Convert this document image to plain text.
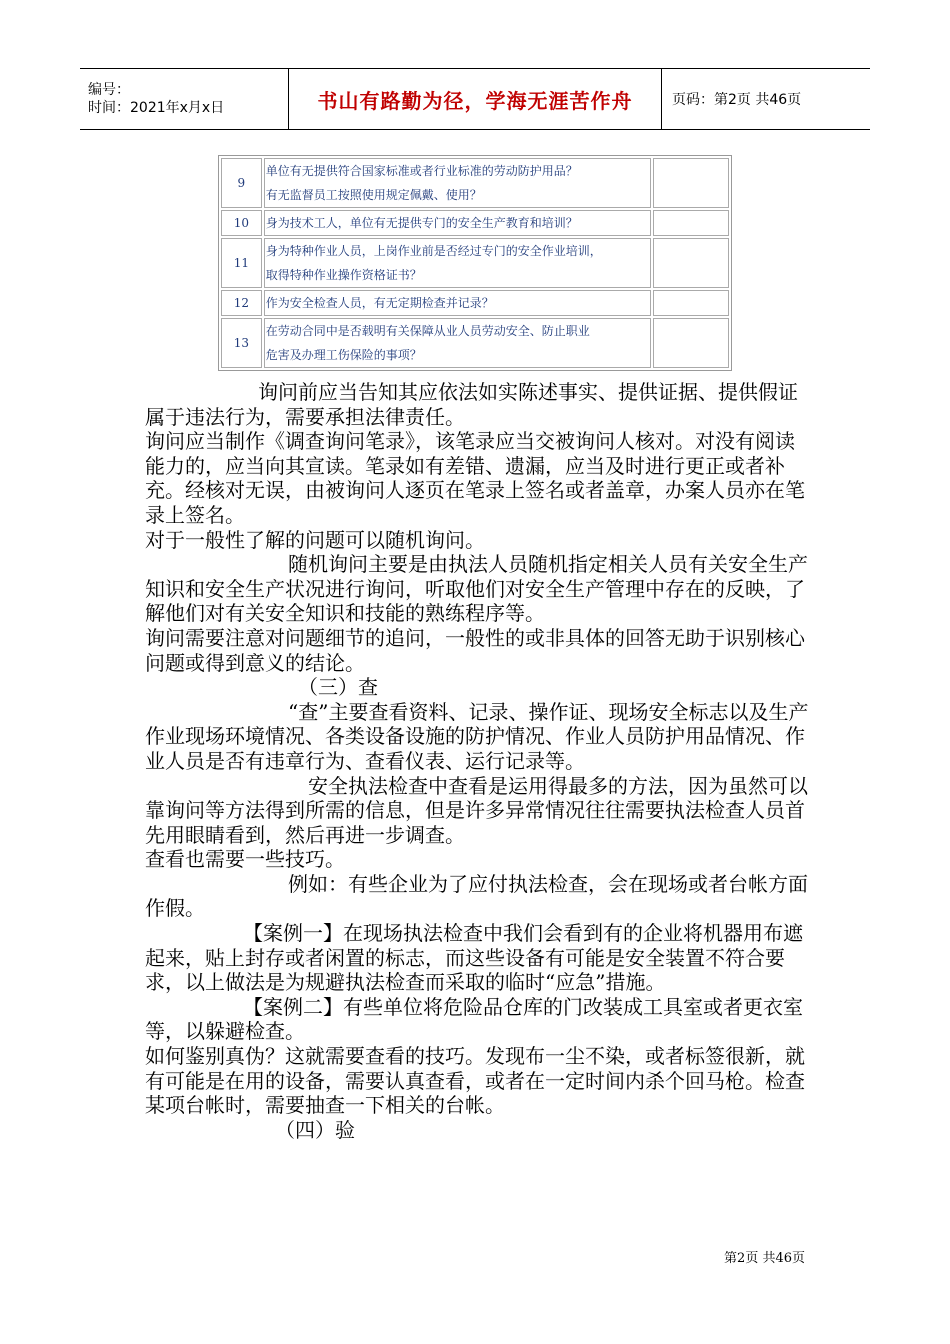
编号：
时间：2021年x月x日	书山有路勤为径，学海无涯苦作舟	页码：第2页 共46页
9	单位有无提供符合国家标准或者行业标准的劳动防护用品？
有无监督员工按照使用规定佩戴、使用？	

10	身为技术工人，单位有无提供专门的安全生产教育和培训？	

11	身为特种作业人员，上岗作业前是否经过专门的安全作业培训，
取得特种作业操作资格证书？	

12	作为安全检查人员，有无定期检查并记录？	

13	在劳动合同中是否载明有关保障从业人员劳动安全、防止职业
危害及办理工伤保险的事项？	

询问前应当告知其应依法如实陈述事实、提供证据、提供假证属于违法行为，需要承担法律责任。

询问应当制作《调查询问笔录》，该笔录应当交被询问人核对。对没有阅读能力的，应当向其宣读。笔录如有差错、遗漏，应当及时进行更正或者补充。经核对无误，由被询问人逐页在笔录上签名或者盖章，办案人员亦在笔录上签名。

对于一般性了解的问题可以随机询问。

随机询问主要是由执法人员随机指定相关人员有关安全生产知识和安全生产状况进行询问，听取他们对安全生产管理中存在的反映，了解他们对有关安全知识和技能的熟练程序等。

询问需要注意对问题细节的追问，一般性的或非具体的回答无助于识别核心问题或得到意义的结论。

（三）查

“查”主要查看资料、记录、操作证、现场安全标志以及生产作业现场环境情况、各类设备设施的防护情况、作业人员防护用品情况、作业人员是否有违章行为、查看仪表、运行记录等。

安全执法检查中查看是运用得最多的方法，因为虽然可以靠询问等方法得到所需的信息，但是许多异常情况往往需要执法检查人员首先用眼睛看到，然后再进一步调查。

查看也需要一些技巧。

例如：有些企业为了应付执法检查，会在现场或者台帐方面作假。

【案例一】在现场执法检查中我们会看到有的企业将机器用布遮起来，贴上封存或者闲置的标志，而这些设备有可能是安全装置不符合要求，以上做法是为规避执法检查而采取的临时“应急”措施。

【案例二】有些单位将危险品仓库的门改装成工具室或者更衣室等，以躲避检查。

如何鉴别真伪？这就需要查看的技巧。发现布一尘不染，或者标签很新，就有可能是在用的设备，需要认真查看，或者在一定时间内杀个回马枪。检查某项台帐时，需要抽查一下相关的台帐。

（四）验

第2页 共46页
